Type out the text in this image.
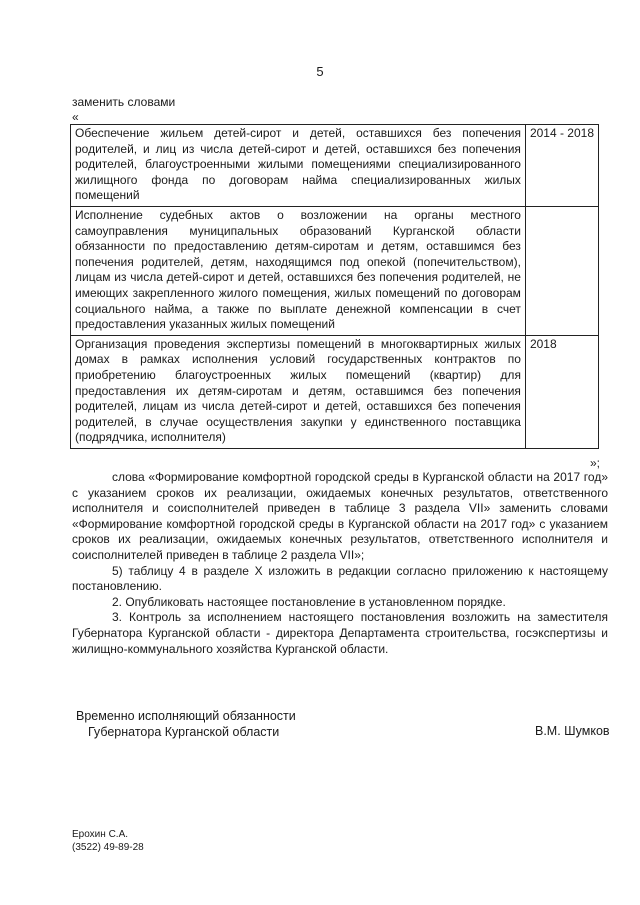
5
заменить словами
«
Обеспечение жильем детей-сирот и детей, оставшихся без попечения родителей, и лиц из числа детей-сирот и детей, оставшихся без попечения родителей, благоустроенными жилыми помещениями специализированного жилищного фонда по договорам найма специализированных жилых помещений	2014 - 2018
Исполнение судебных актов о возложении на органы местного самоуправления муниципальных образований Курганской области обязанности по предоставлению детям-сиротам и детям, оставшимся без попечения родителей, детям, находящимся под опекой (попечительством), лицам из числа детей-сирот и детей, оставшихся без попечения родителей, не имеющих закрепленного жилого помещения, жилых помещений по договорам социального найма, а также по выплате денежной компенсации в счет предоставления указанных жилых помещений	
Организация проведения экспертизы помещений в многоквартирных жилых домах в рамках исполнения условий государственных контрактов по приобретению благоустроенных жилых помещений (квартир) для предоставления их детям-сиротам и детям, оставшимся без попечения родителей, лицам из числа детей-сирот и детей, оставшихся без попечения родителей, в случае осуществления закупки у единственного поставщика (подрядчика, исполнителя)	2018
»;

слова «Формирование комфортной городской среды в Курганской области на 2017 год» с указанием сроков их реализации, ожидаемых конечных результатов, ответственного исполнителя и соисполнителей приведен в таблице 3 раздела VII» заменить словами «Формирование комфортной городской среды в Курганской области на 2017 год» с указанием сроков их реализации, ожидаемых конечных результатов, ответственного исполнителя и соисполнителей приведен в таблице 2 раздела VII»;

5) таблицу 4 в разделе X изложить в редакции согласно приложению к настоящему постановлению.

2. Опубликовать настоящее постановление в установленном порядке.

3. Контроль за исполнением настоящего постановления возложить на заместителя Губернатора Курганской области - директора Департамента строительства, госэкспертизы и жилищно-коммунального хозяйства Курганской области.

Временно исполняющий обязанности
Губернатора Курганской области	В.М. Шумков
Ерохин С.А.
(3522) 49-89-28
